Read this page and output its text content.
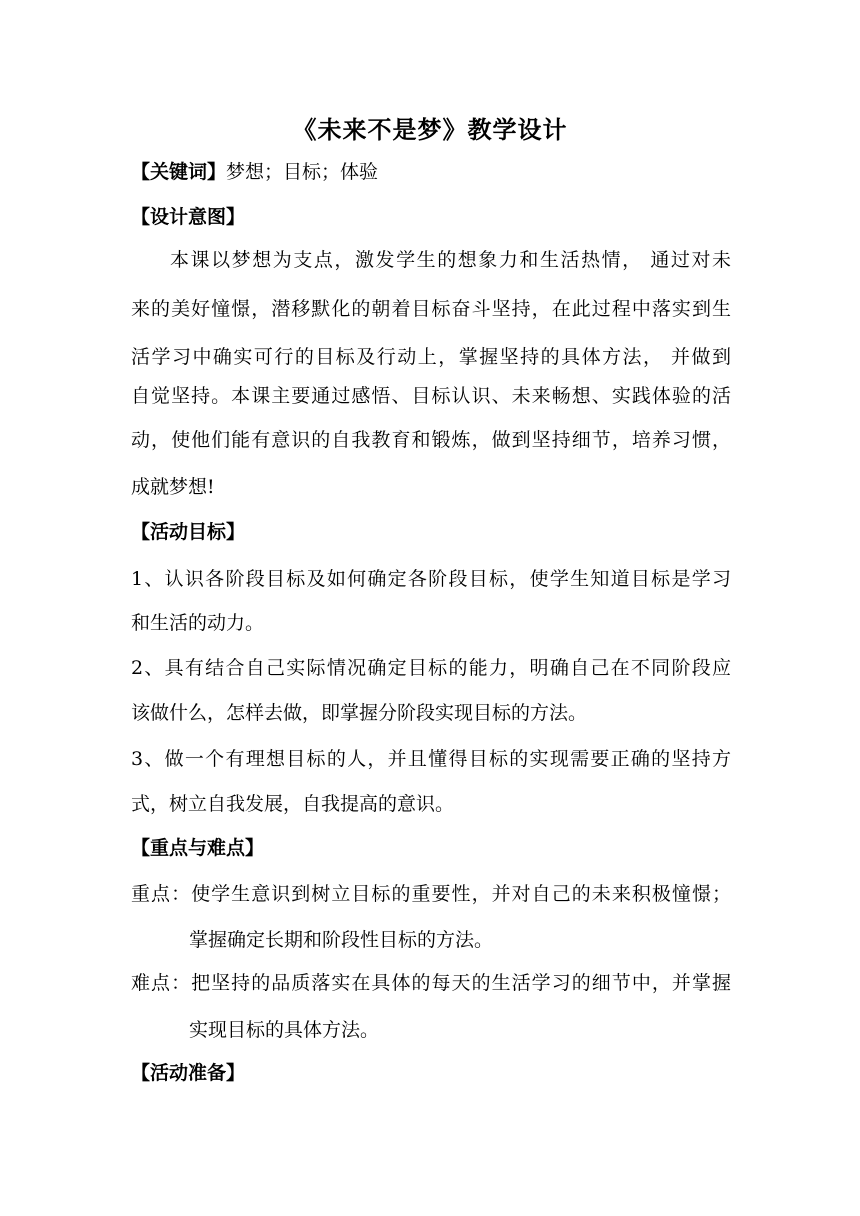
《未来不是梦》教学设计
【关键词】梦想；目标；体验
【设计意图】
本课以梦想为支点，激发学生的想象力和生活热情， 通过对未
来的美好憧憬，潜移默化的朝着目标奋斗坚持，在此过程中落实到生
活学习中确实可行的目标及行动上，掌握坚持的具体方法， 并做到
自觉坚持。本课主要通过感悟、目标认识、未来畅想、实践体验的活
动，使他们能有意识的自我教育和锻炼，做到坚持细节，培养习惯，
成就梦想!
【活动目标】
1、认识各阶段目标及如何确定各阶段目标，使学生知道目标是学习
和生活的动力。
2、具有结合自己实际情况确定目标的能力，明确自己在不同阶段应
该做什么，怎样去做，即掌握分阶段实现目标的方法。
3、做一个有理想目标的人，并且懂得目标的实现需要正确的坚持方
式，树立自我发展，自我提高的意识。
【重点与难点】
重点：使学生意识到树立目标的重要性，并对自己的未来积极憧憬；
掌握确定长期和阶段性目标的方法。
难点：把坚持的品质落实在具体的每天的生活学习的细节中，并掌握
实现目标的具体方法。
【活动准备】
